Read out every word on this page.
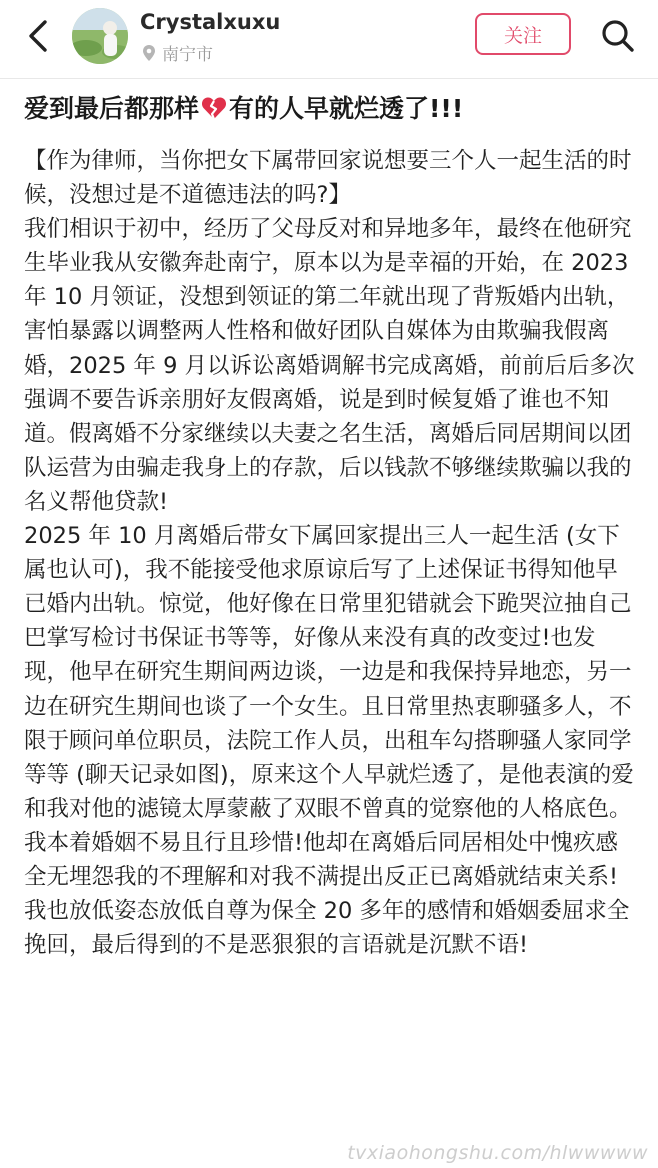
Crystalxuxu
南宁市
关注
爱到最后都那样 有的人早就烂透了!!!

【作为律师，当你把女下属带回家说想要三个人一起生活的时候，没想过是不道德违法的吗?】

我们相识于初中，经历了父母反对和异地多年，最终在他研究生毕业我从安徽奔赴南宁，原本以为是幸福的开始，在 2023 年 10 月领证，没想到领证的第二年就出现了背叛婚内出轨，害怕暴露以调整两人性格和做好团队自媒体为由欺骗我假离婚，2025 年 9 月以诉讼离婚调解书完成离婚，前前后后多次强调不要告诉亲朋好友假离婚，说是到时候复婚了谁也不知道。假离婚不分家继续以夫妻之名生活，离婚后同居期间以团队运营为由骗走我身上的存款，后以钱款不够继续欺骗以我的名义帮他贷款!

2025 年 10 月离婚后带女下属回家提出三人一起生活 (女下属也认可)，我不能接受他求原谅后写了上述保证书得知他早已婚内出轨。惊觉，他好像在日常里犯错就会下跪哭泣抽自己巴掌写检讨书保证书等等，好像从来没有真的改变过!也发现，他早在研究生期间两边谈，一边是和我保持异地恋，另一边在研究生期间也谈了一个女生。且日常里热衷聊骚多人，不限于顾问单位职员，法院工作人员，出租车勾搭聊骚人家同学等等 (聊天记录如图)，原来这个人早就烂透了，是他表演的爱和我对他的滤镜太厚蒙蔽了双眼不曾真的觉察他的人格底色。我本着婚姻不易且行且珍惜!他却在离婚后同居相处中愧疚感全无埋怨我的不理解和对我不满提出反正已离婚就结束关系!我也放低姿态放低自尊为保全 20 多年的感情和婚姻委屈求全挽回，最后得到的不是恶狠狠的言语就是沉默不语!

tvxiaohongshu.com/hlwwwww
